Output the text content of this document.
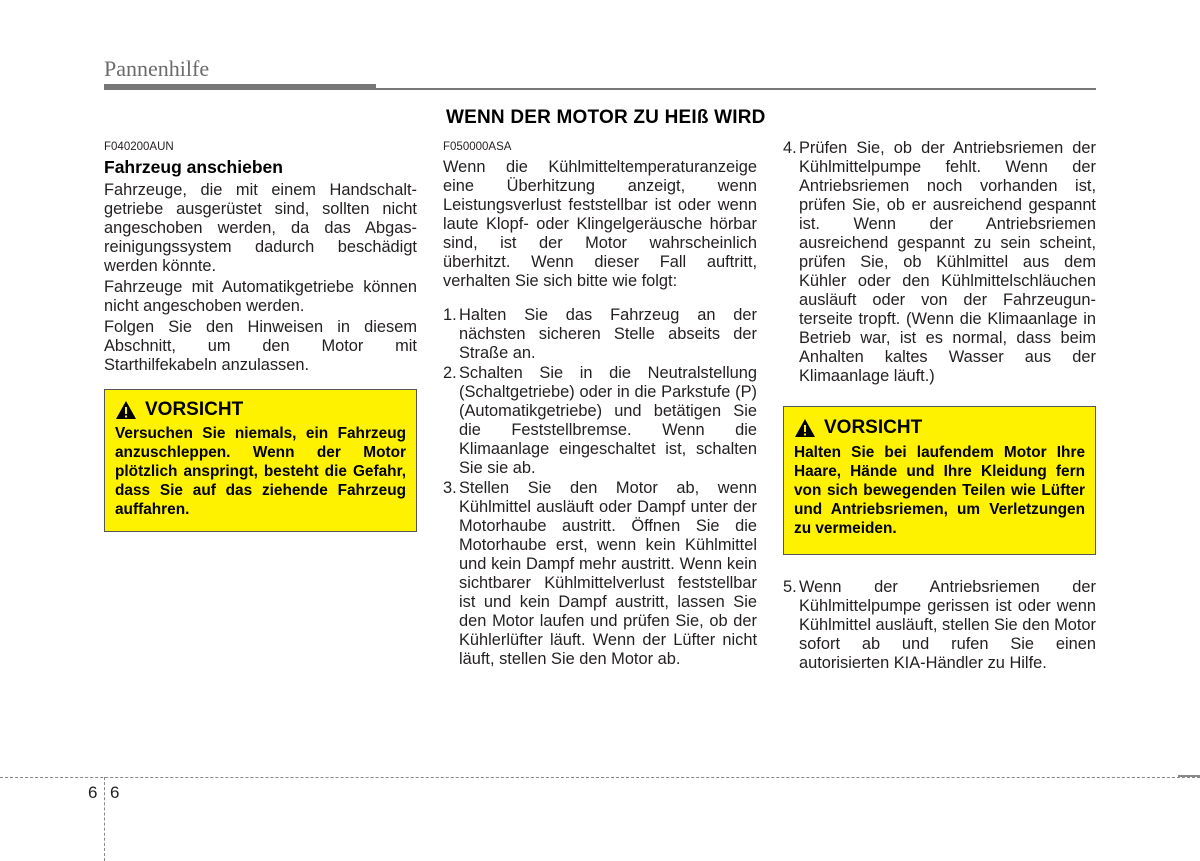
Pannenhilfe
WENN DER MOTOR ZU HEIß WIRD
F040200AUN
Fahrzeug anschieben

Fahrzeuge, die mit einem Handschaltgetriebe ausgerüstet sind, sollten nicht angeschoben werden, da das Abgasreinigungssystem dadurch beschädigt werden könnte.

Fahrzeuge mit Automatikgetriebe können nicht angeschoben werden.

Folgen Sie den Hinweisen in diesem Abschnitt, um den Motor mit Starthilfekabeln anzulassen.

VORSICHT
Versuchen Sie niemals, ein Fahrzeug anzuschleppen. Wenn der Motor plötzlich anspringt, besteht die Gefahr, dass Sie auf das ziehende Fahrzeug auffahren.
F050000ASA

Wenn die Kühlmitteltemperaturanzeige eine Überhitzung anzeigt, wenn Leistungsverlust feststellbar ist oder wenn laute Klopf- oder Klingelgeräusche hörbar sind, ist der Motor wahrscheinlich überhitzt. Wenn dieser Fall auftritt, verhalten Sie sich bitte wie folgt:

1. Halten Sie das Fahrzeug an der nächsten sicheren Stelle abseits der Straße an.
2. Schalten Sie in die Neutralstellung (Schaltgetriebe) oder in die Parkstufe (P) (Automatikgetriebe) und betätigen Sie die Feststellbremse. Wenn die Klimaanlage eingeschaltet ist, schalten Sie sie ab.
3. Stellen Sie den Motor ab, wenn Kühlmittel ausläuft oder Dampf unter der Motorhaube austritt. Öffnen Sie die Motorhaube erst, wenn kein Kühlmittel und kein Dampf mehr austritt. Wenn kein sichtbarer Kühlmittelverlust feststellbar ist und kein Dampf austritt, lassen Sie den Motor laufen und prüfen Sie, ob der Kühlerlüfter läuft. Wenn der Lüfter nicht läuft, stellen Sie den Motor ab.
4. Prüfen Sie, ob der Antriebsriemen der Kühlmittelpumpe fehlt. Wenn der Antriebsriemen noch vorhanden ist, prüfen Sie, ob er ausreichend gespannt ist. Wenn der Antriebsriemen ausreichend gespannt zu sein scheint, prüfen Sie, ob Kühlmittel aus dem Kühler oder den Kühlmittelschläuchen ausläuft oder von der Fahrzeugunterseite tropft. (Wenn die Klimaanlage in Betrieb war, ist es normal, dass beim Anhalten kaltes Wasser aus der Klimaanlage läuft.)
VORSICHT
Halten Sie bei laufendem Motor Ihre Haare, Hände und Ihre Kleidung fern von sich bewegenden Teilen wie Lüfter und Antriebsriemen, um Verletzungen zu vermeiden.
5. Wenn der Antriebsriemen der Kühlmittelpumpe gerissen ist oder wenn Kühlmittel ausläuft, stellen Sie den Motor sofort ab und rufen Sie einen autorisierten KIA-Händler zu Hilfe.
6 6
